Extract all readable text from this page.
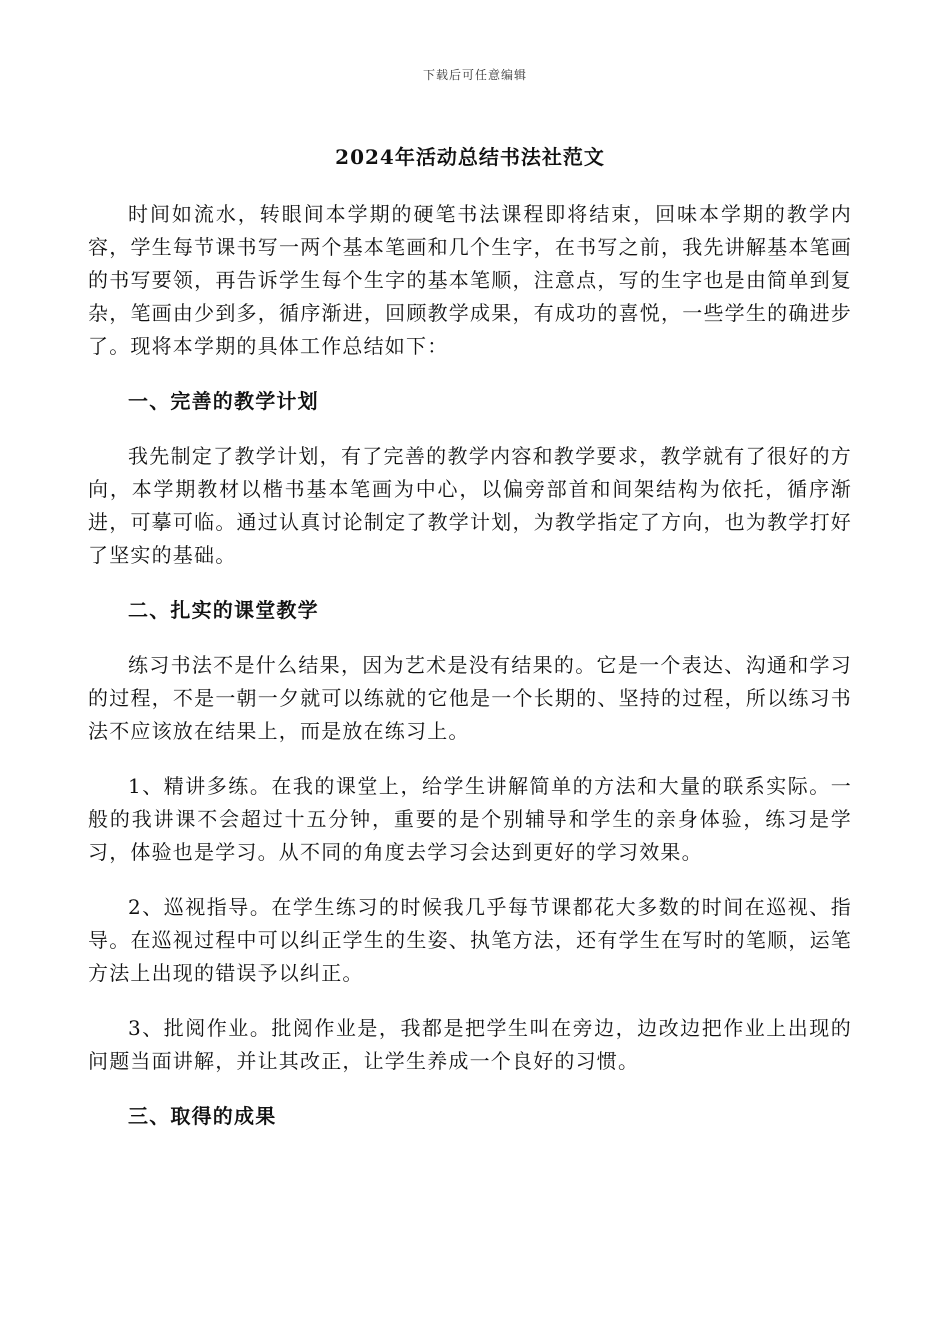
下载后可任意编辑
2024年活动总结书法社范文

时间如流水，转眼间本学期的硬笔书法课程即将结束，回味本学期的教学内容，学生每节课书写一两个基本笔画和几个生字，在书写之前，我先讲解基本笔画的书写要领，再告诉学生每个生字的基本笔顺，注意点，写的生字也是由简单到复杂，笔画由少到多，循序渐进，回顾教学成果，有成功的喜悦，一些学生的确进步了。现将本学期的具体工作总结如下：

一、完善的教学计划

我先制定了教学计划，有了完善的教学内容和教学要求，教学就有了很好的方向，本学期教材以楷书基本笔画为中心，以偏旁部首和间架结构为依托，循序渐进，可摹可临。通过认真讨论制定了教学计划，为教学指定了方向，也为教学打好了坚实的基础。

二、扎实的课堂教学

练习书法不是什么结果，因为艺术是没有结果的。它是一个表达、沟通和学习的过程，不是一朝一夕就可以练就的它他是一个长期的、坚持的过程，所以练习书法不应该放在结果上，而是放在练习上。

1、精讲多练。在我的课堂上，给学生讲解简单的方法和大量的联系实际。一般的我讲课不会超过十五分钟，重要的是个别辅导和学生的亲身体验，练习是学习，体验也是学习。从不同的角度去学习会达到更好的学习效果。

2、巡视指导。在学生练习的时候我几乎每节课都花大多数的时间在巡视、指导。在巡视过程中可以纠正学生的生姿、执笔方法，还有学生在写时的笔顺，运笔方法上出现的错误予以纠正。

3、批阅作业。批阅作业是，我都是把学生叫在旁边，边改边把作业上出现的问题当面讲解，并让其改正，让学生养成一个良好的习惯。

三、取得的成果
